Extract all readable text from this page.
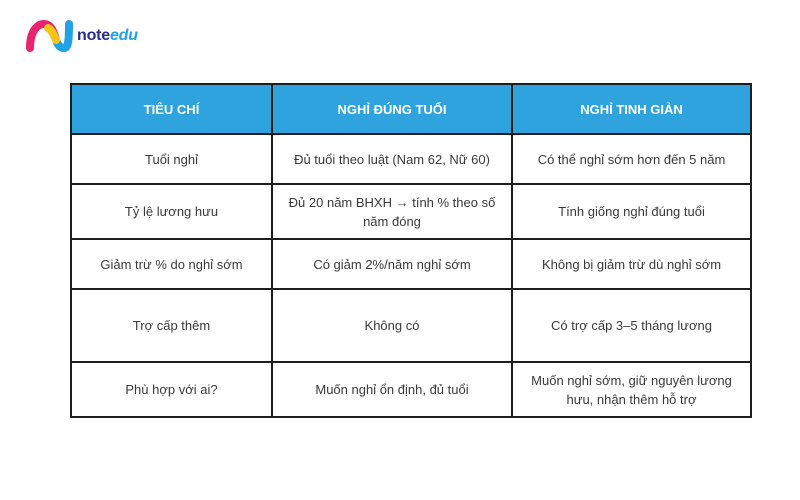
note edu
TIÊU CHÍ	NGHỈ ĐÚNG TUỔI	NGHỈ TINH GIẢN
Tuổi nghỉ	Đủ tuổi theo luật (Nam 62, Nữ 60)	Có thể nghỉ sớm hơn đến 5 năm
Tỷ lệ lương hưu	Đủ 20 năm BHXH → tính % theo số năm đóng	Tính giống nghỉ đúng tuổi
Giảm trừ % do nghỉ sớm	Có giảm 2%/năm nghỉ sớm	Không bị giảm trừ dù nghỉ sớm
Trợ cấp thêm	Không có	Có trợ cấp 3–5 tháng lương
Phù hợp với ai?	Muốn nghỉ ổn định, đủ tuổi	Muốn nghỉ sớm, giữ nguyên lương hưu, nhận thêm hỗ trợ
